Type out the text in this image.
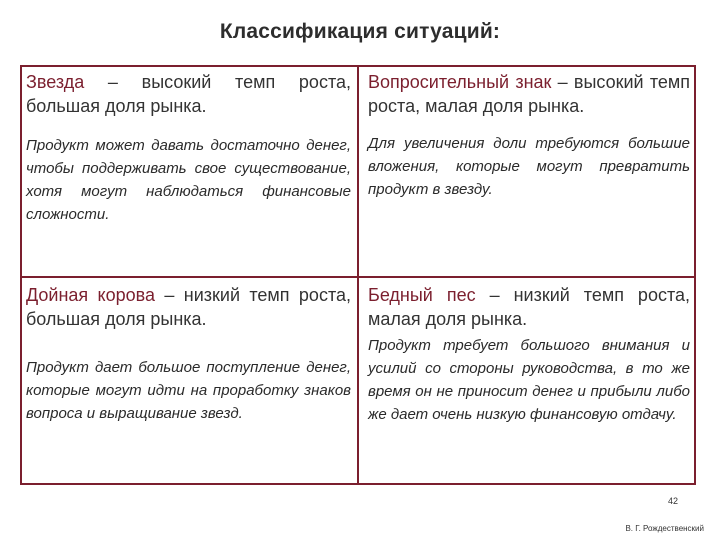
Классификация ситуаций:

Звезда – высокий темп роста, большая доля рынка.

Продукт может давать достаточно денег, чтобы поддерживать свое существование, хотя могут наблюдаться финансовые сложности.

Вопросительный знак – высокий темп роста, малая доля рынка.

Для увеличения доли требуются большие вложения, которые могут превратить продукт в звезду.

Дойная корова – низкий темп роста, большая доля рынка.

Продукт дает большое поступление денег, которые могут идти на проработку знаков вопроса и выращивание звезд.

Бедный пес – низкий темп роста, малая доля рынка.

Продукт требует большого внимания и усилий со стороны руководства, в то же время он не приносит денег и прибыли либо же дает очень низкую финансовую отдачу.

42
В. Г. Рождественский
